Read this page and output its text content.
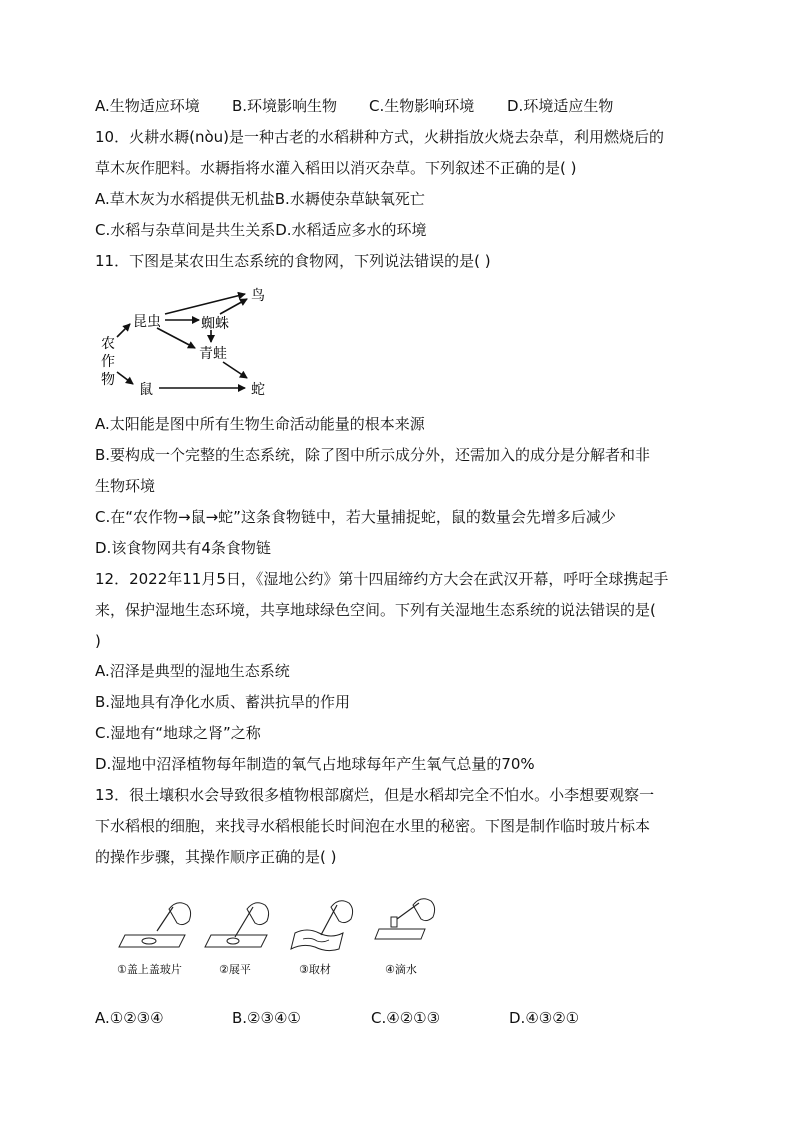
A.生物适应环境	B.环境影响生物	C.生物影响环境	D.环境适应生物
10．火耕水耨(nòu)是一种古老的水稻耕种方式，火耕指放火烧去杂草，利用燃烧后的
草木灰作肥料。水耨指将水灌入稻田以消灭杂草。下列叙述不正确的是( )
A.草木灰为水稻提供无机盐B.水耨使杂草缺氧死亡
C.水稻与杂草间是共生关系D.水稻适应多水的环境
11．下图是某农田生态系统的食物网，下列说法错误的是( )
农
作
物
昆虫	蜘蛛
鸟
青蛙
鼠	蛇
A.太阳能是图中所有生物生命活动能量的根本来源
B.要构成一个完整的生态系统，除了图中所示成分外，还需加入的成分是分解者和非
生物环境
C.在“农作物→鼠→蛇”这条食物链中，若大量捕捉蛇，鼠的数量会先增多后减少
D.该食物网共有4条食物链
12．2022年11月5日，《湿地公约》第十四届缔约方大会在武汉开幕，呼吁全球携起手
来，保护湿地生态环境，共享地球绿色空间。下列有关湿地生态系统的说法错误的是(
)
A.沼泽是典型的湿地生态系统
B.湿地具有净化水质、蓄洪抗旱的作用
C.湿地有“地球之肾”之称
D.湿地中沼泽植物每年制造的氧气占地球每年产生氧气总量的70%
13．很土壤积水会导致很多植物根部腐烂，但是水稻却完全不怕水。小李想要观察一
下水稻根的细胞，来找寻水稻根能长时间泡在水里的秘密。下图是制作临时玻片标本
的操作步骤，其操作顺序正确的是( )
①盖上盖玻片	②展平	③取材	④滴水
A.①②③④	B.②③④①	C.④②①③	D.④③②①
